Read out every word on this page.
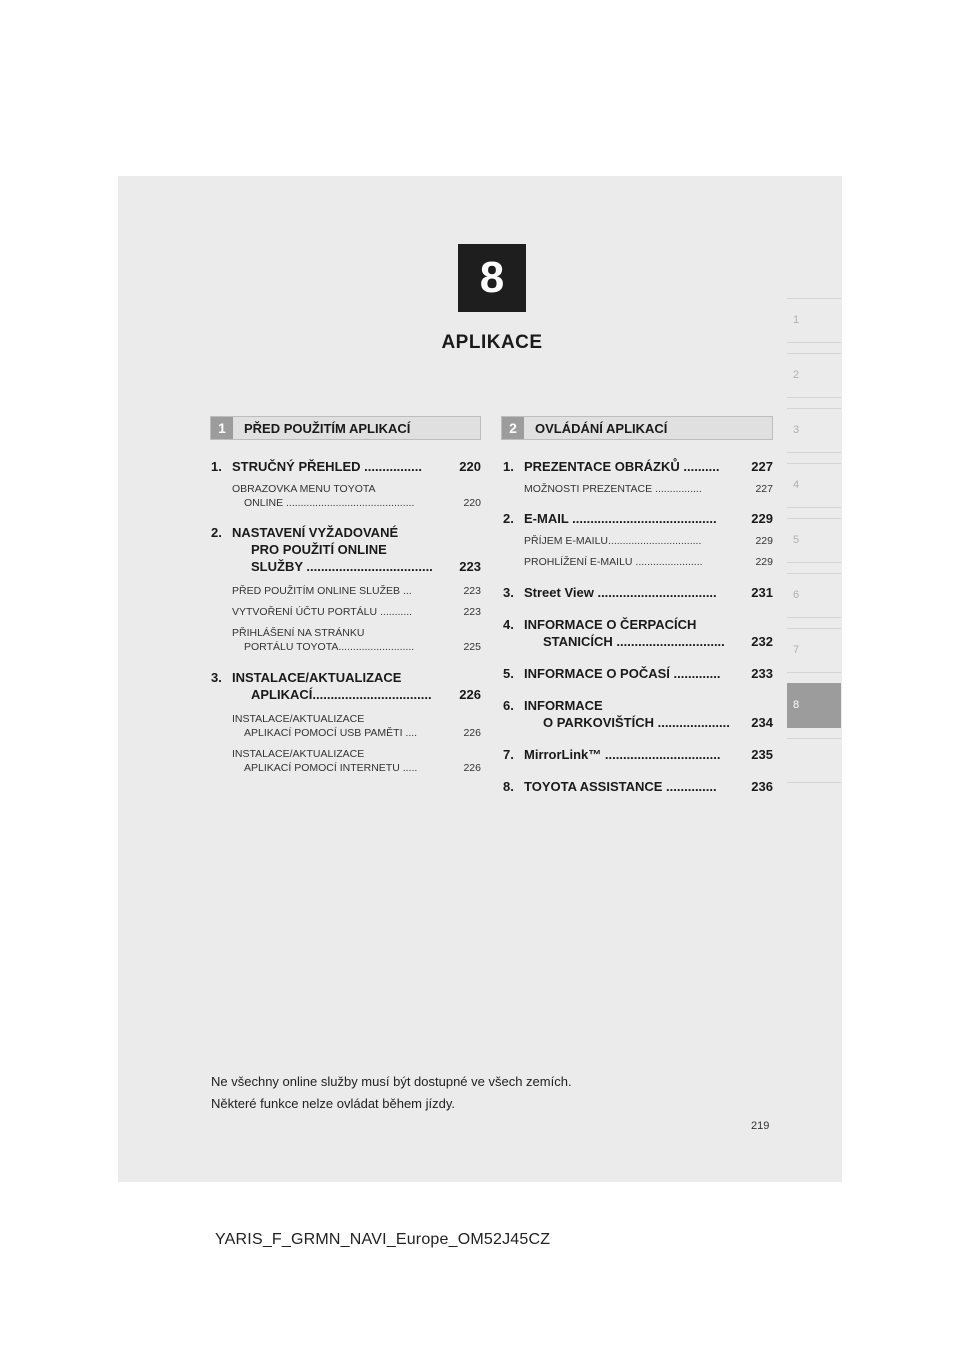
8
APLIKACE
1
2
3
4
5
6
7
8
1	PŘED POUŽITÍM APLIKACÍ	2	OVLÁDÁNÍ APLIKACÍ
1. STRUČNÝ PŘEHLED ................	220
OBRAZOVKA MENU TOYOTA
ONLINE ............................................	220
2. NASTAVENÍ VYŽADOVANÉ
PRO POUŽITÍ ONLINE
SLUŽBY ...................................	223
PŘED POUŽITÍM ONLINE SLUŽEB ...	223
VYTVOŘENÍ ÚČTU PORTÁLU ...........	223
PŘIHLÁŠENÍ NA STRÁNKU
PORTÁLU TOYOTA..........................	225
3. INSTALACE/AKTUALIZACE
APLIKACÍ.................................	226
INSTALACE/AKTUALIZACE
APLIKACÍ POMOCÍ USB PAMĚTI ....	226
INSTALACE/AKTUALIZACE
APLIKACÍ POMOCÍ INTERNETU .....	226
1. PREZENTACE OBRÁZKŮ ..........	227
MOŽNOSTI PREZENTACE ................	227
2. E-MAIL ........................................	229
PŘÍJEM E-MAILU................................	229
PROHLÍŽENÍ E-MAILU .......................	229
3. Street View .................................	231
4. INFORMACE O ČERPACÍCH
STANICÍCH ..............................	232
5. INFORMACE O POČASÍ .............	233
6. INFORMACE
O PARKOVIŠTÍCH ....................	234
7. MirrorLink™ ................................	235
8. TOYOTA ASSISTANCE ..............	236
Ne všechny online služby musí být dostupné ve všech zemích.
Některé funkce nelze ovládat během jízdy.
219
YARIS_F_GRMN_NAVI_Europe_OM52J45CZ
